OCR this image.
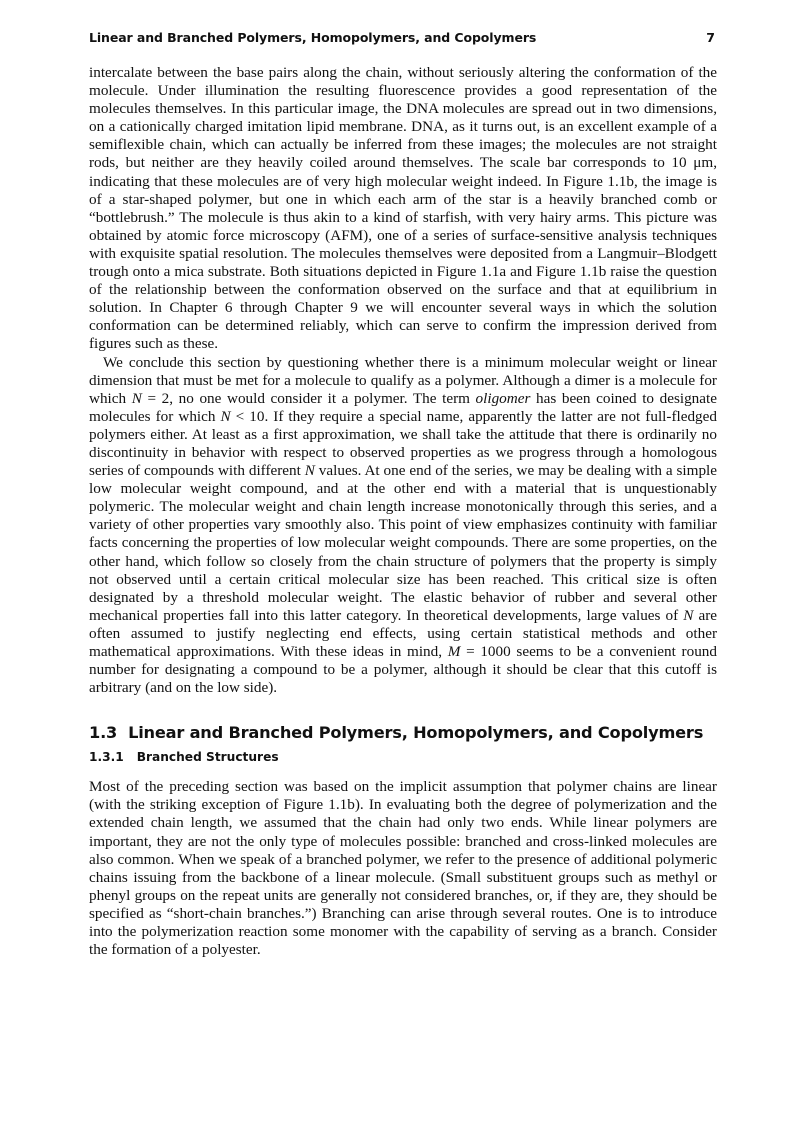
Linear and Branched Polymers, Homopolymers, and Copolymers	7

intercalate between the base pairs along the chain, without seriously altering the conformation of the molecule. Under illumination the resulting fluorescence provides a good representation of the molecules themselves. In this particular image, the DNA molecules are spread out in two dimensions, on a cationically charged imitation lipid membrane. DNA, as it turns out, is an excellent example of a semiflexible chain, which can actually be inferred from these images; the molecules are not straight rods, but neither are they heavily coiled around themselves. The scale bar corresponds to 10 μm, indicating that these molecules are of very high molecular weight indeed. In Figure 1.1b, the image is of a star-shaped polymer, but one in which each arm of the star is a heavily branched comb or “bottlebrush.” The molecule is thus akin to a kind of starfish, with very hairy arms. This picture was obtained by atomic force microscopy (AFM), one of a series of surface-sensitive analysis techniques with exquisite spatial resolution. The molecules themselves were deposited from a Langmuir–Blodgett trough onto a mica substrate. Both situations depicted in Figure 1.1a and Figure 1.1b raise the question of the relationship between the conformation observed on the surface and that at equilibrium in solution. In Chapter 6 through Chapter 9 we will encounter several ways in which the solution conformation can be determined reliably, which can serve to confirm the impression derived from figures such as these.

We conclude this section by questioning whether there is a minimum molecular weight or linear dimension that must be met for a molecule to qualify as a polymer. Although a dimer is a molecule for which N = 2, no one would consider it a polymer. The term oligomer has been coined to designate molecules for which N < 10. If they require a special name, apparently the latter are not full-fledged polymers either. At least as a first approximation, we shall take the attitude that there is ordinarily no discontinuity in behavior with respect to observed properties as we progress through a homologous series of compounds with different N values. At one end of the series, we may be dealing with a simple low molecular weight compound, and at the other end with a material that is unquestionably polymeric. The molecular weight and chain length increase monotonically through this series, and a variety of other properties vary smoothly also. This point of view emphasizes continuity with familiar facts concerning the properties of low molecular weight compounds. There are some properties, on the other hand, which follow so closely from the chain structure of polymers that the property is simply not observed until a certain critical molecular size has been reached. This critical size is often designated by a threshold molecular weight. The elastic behavior of rubber and several other mechanical properties fall into this latter category. In theoretical developments, large values of N are often assumed to justify neglecting end effects, using certain statistical methods and other mathematical approximations. With these ideas in mind, M = 1000 seems to be a convenient round number for designating a compound to be a polymer, although it should be clear that this cutoff is arbitrary (and on the low side).

1.3 Linear and Branched Polymers, Homopolymers, and Copolymers
1.3.1 Branched Structures

Most of the preceding section was based on the implicit assumption that polymer chains are linear (with the striking exception of Figure 1.1b). In evaluating both the degree of polymerization and the extended chain length, we assumed that the chain had only two ends. While linear polymers are important, they are not the only type of molecules possible: branched and cross-linked molecules are also common. When we speak of a branched polymer, we refer to the presence of additional polymeric chains issuing from the backbone of a linear molecule. (Small substituent groups such as methyl or phenyl groups on the repeat units are generally not considered branches, or, if they are, they should be specified as “short-chain branches.”) Branching can arise through several routes. One is to introduce into the polymerization reaction some monomer with the capability of serving as a branch. Consider the formation of a polyester.
